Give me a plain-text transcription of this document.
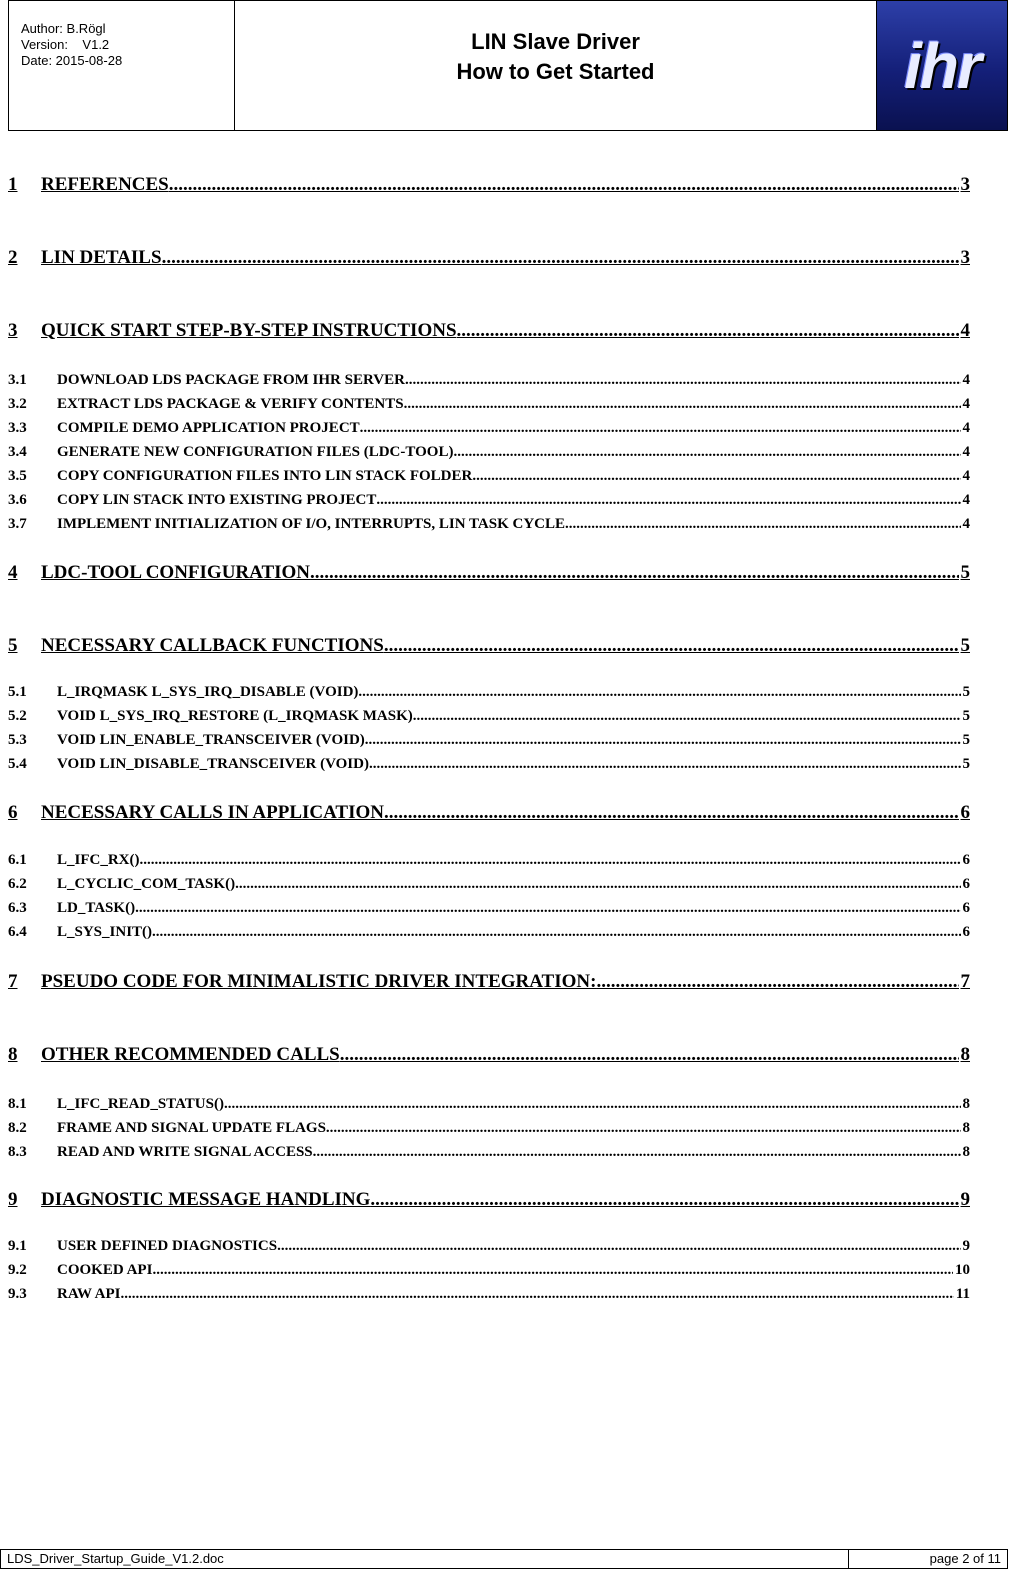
Author: B.Rögl
Version:    V1.2
Date: 2015-08-28
LIN Slave Driver
How to Get Started	ihr
1	REFERENCES .....	3
2	LIN DETAILS .....	3
3	QUICK START STEP-BY-STEP INSTRUCTIONS .....	4
3.1	DOWNLOAD LDS PACKAGE FROM IHR SERVER .....	4
3.2	EXTRACT LDS PACKAGE & VERIFY CONTENTS .....	4
3.3	COMPILE DEMO APPLICATION PROJECT .....	4
3.4	GENERATE NEW CONFIGURATION FILES (LDC-TOOL) .....	4
3.5	COPY CONFIGURATION FILES INTO LIN STACK FOLDER .....	4
3.6	COPY LIN STACK INTO EXISTING PROJECT .....	4
3.7	IMPLEMENT INITIALIZATION OF I/O, INTERRUPTS, LIN TASK CYCLE .....	4
4	LDC-TOOL CONFIGURATION .....	5
5	NECESSARY CALLBACK FUNCTIONS .....	5
5.1	L_IRQMASK L_SYS_IRQ_DISABLE (VOID) .....	5
5.2	VOID L_SYS_IRQ_RESTORE (L_IRQMASK MASK) .....	5
5.3	VOID LIN_ENABLE_TRANSCEIVER (VOID) .....	5
5.4	VOID LIN_DISABLE_TRANSCEIVER (VOID) .....	5
6	NECESSARY CALLS IN APPLICATION .....	6
6.1	L_IFC_RX() .....	6
6.2	L_CYCLIC_COM_TASK() .....	6
6.3	LD_TASK() .....	6
6.4	L_SYS_INIT() .....	6
7	PSEUDO CODE FOR MINIMALISTIC DRIVER INTEGRATION: .....	7
8	OTHER RECOMMENDED CALLS .....	8
8.1	L_IFC_READ_STATUS() .....	8
8.2	FRAME AND SIGNAL UPDATE FLAGS .....	8
8.3	READ AND WRITE SIGNAL ACCESS .....	8
9	DIAGNOSTIC MESSAGE HANDLING .....	9
9.1	USER DEFINED DIAGNOSTICS .....	9
9.2	COOKED API .....	10
9.3	RAW API .....	11
LDS_Driver_Startup_Guide_V1.2.doc	page 2 of 11
